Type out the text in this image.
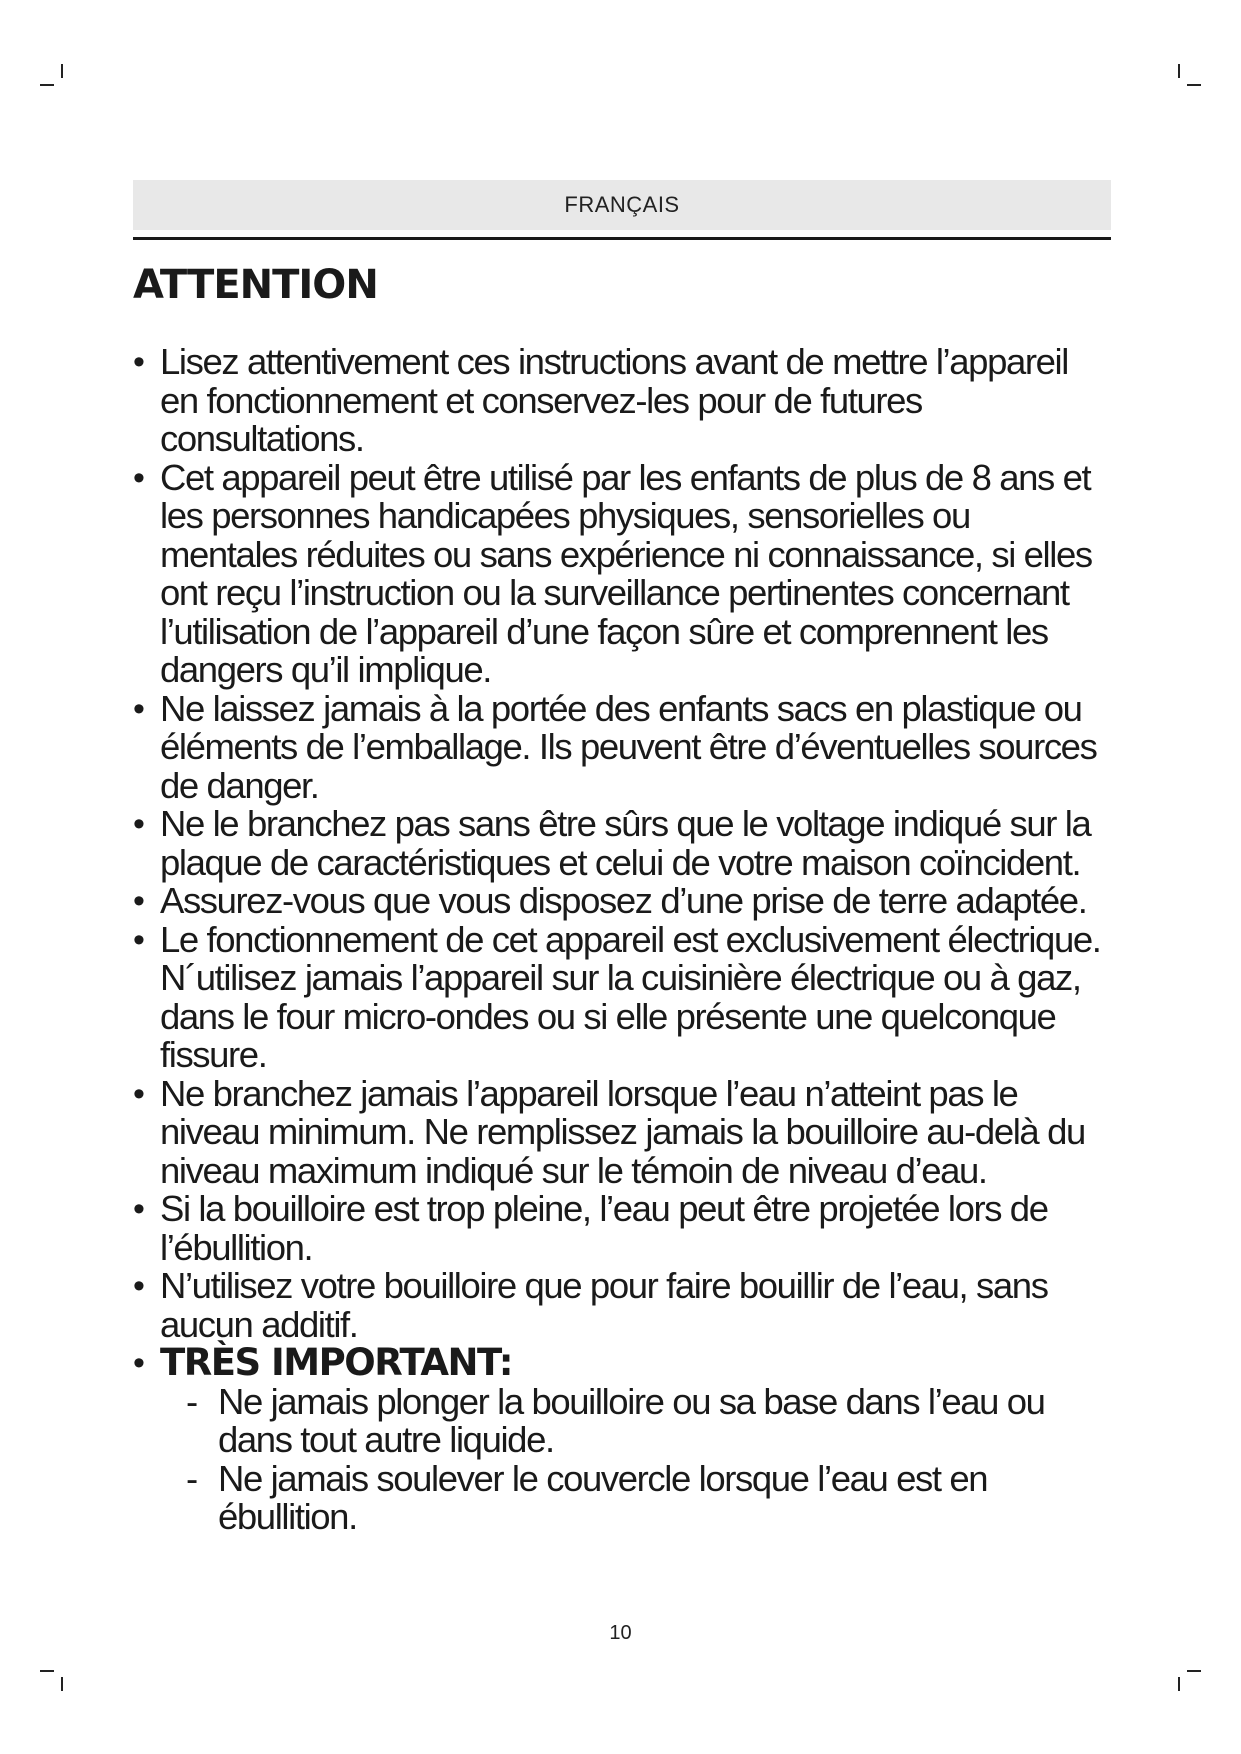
FRANÇAIS
ATTENTION
• Lisez attentivement ces instructions avant de mettre l’appareil en fonctionnement et conservez-les pour de futures consultations.
• Cet appareil peut être utilisé par les enfants de plus de 8 ans et les personnes handicapées physiques, sensorielles ou mentales réduites ou sans expérience ni connaissance, si elles ont reçu l’instruction ou la surveillance pertinentes concernant l’utilisation de l’appareil d’une façon sûre et comprennent les dangers qu’il implique.
• Ne laissez jamais à la portée des enfants sacs en plastique ou éléments de l’emballage. Ils peuvent être d’éventuelles sources de danger.
• Ne le branchez pas sans être sûrs que le voltage indiqué sur la plaque de caractéristiques et celui de votre maison coïncident.
• Assurez-vous que vous disposez d’une prise de terre adaptée.
• Le fonctionnement de cet appareil est exclusivement électrique. N´utilisez jamais l’appareil sur la cuisinière électrique ou à gaz, dans le four micro-ondes ou si elle présente une quelconque fissure.
• Ne branchez jamais l’appareil lorsque l’eau n’atteint pas le niveau minimum. Ne remplissez jamais la bouilloire au-delà du niveau maximum indiqué sur le témoin de niveau d’eau.
• Si la bouilloire est trop pleine, l’eau peut être projetée lors de l’ébullition.
• N’utilisez votre bouilloire que pour faire bouillir de l’eau, sans aucun additif.
• TRÈS IMPORTANT:
- Ne jamais plonger la bouilloire ou sa base dans l’eau ou dans tout autre liquide.
- Ne jamais soulever le couvercle lorsque l’eau est en ébullition.
10
